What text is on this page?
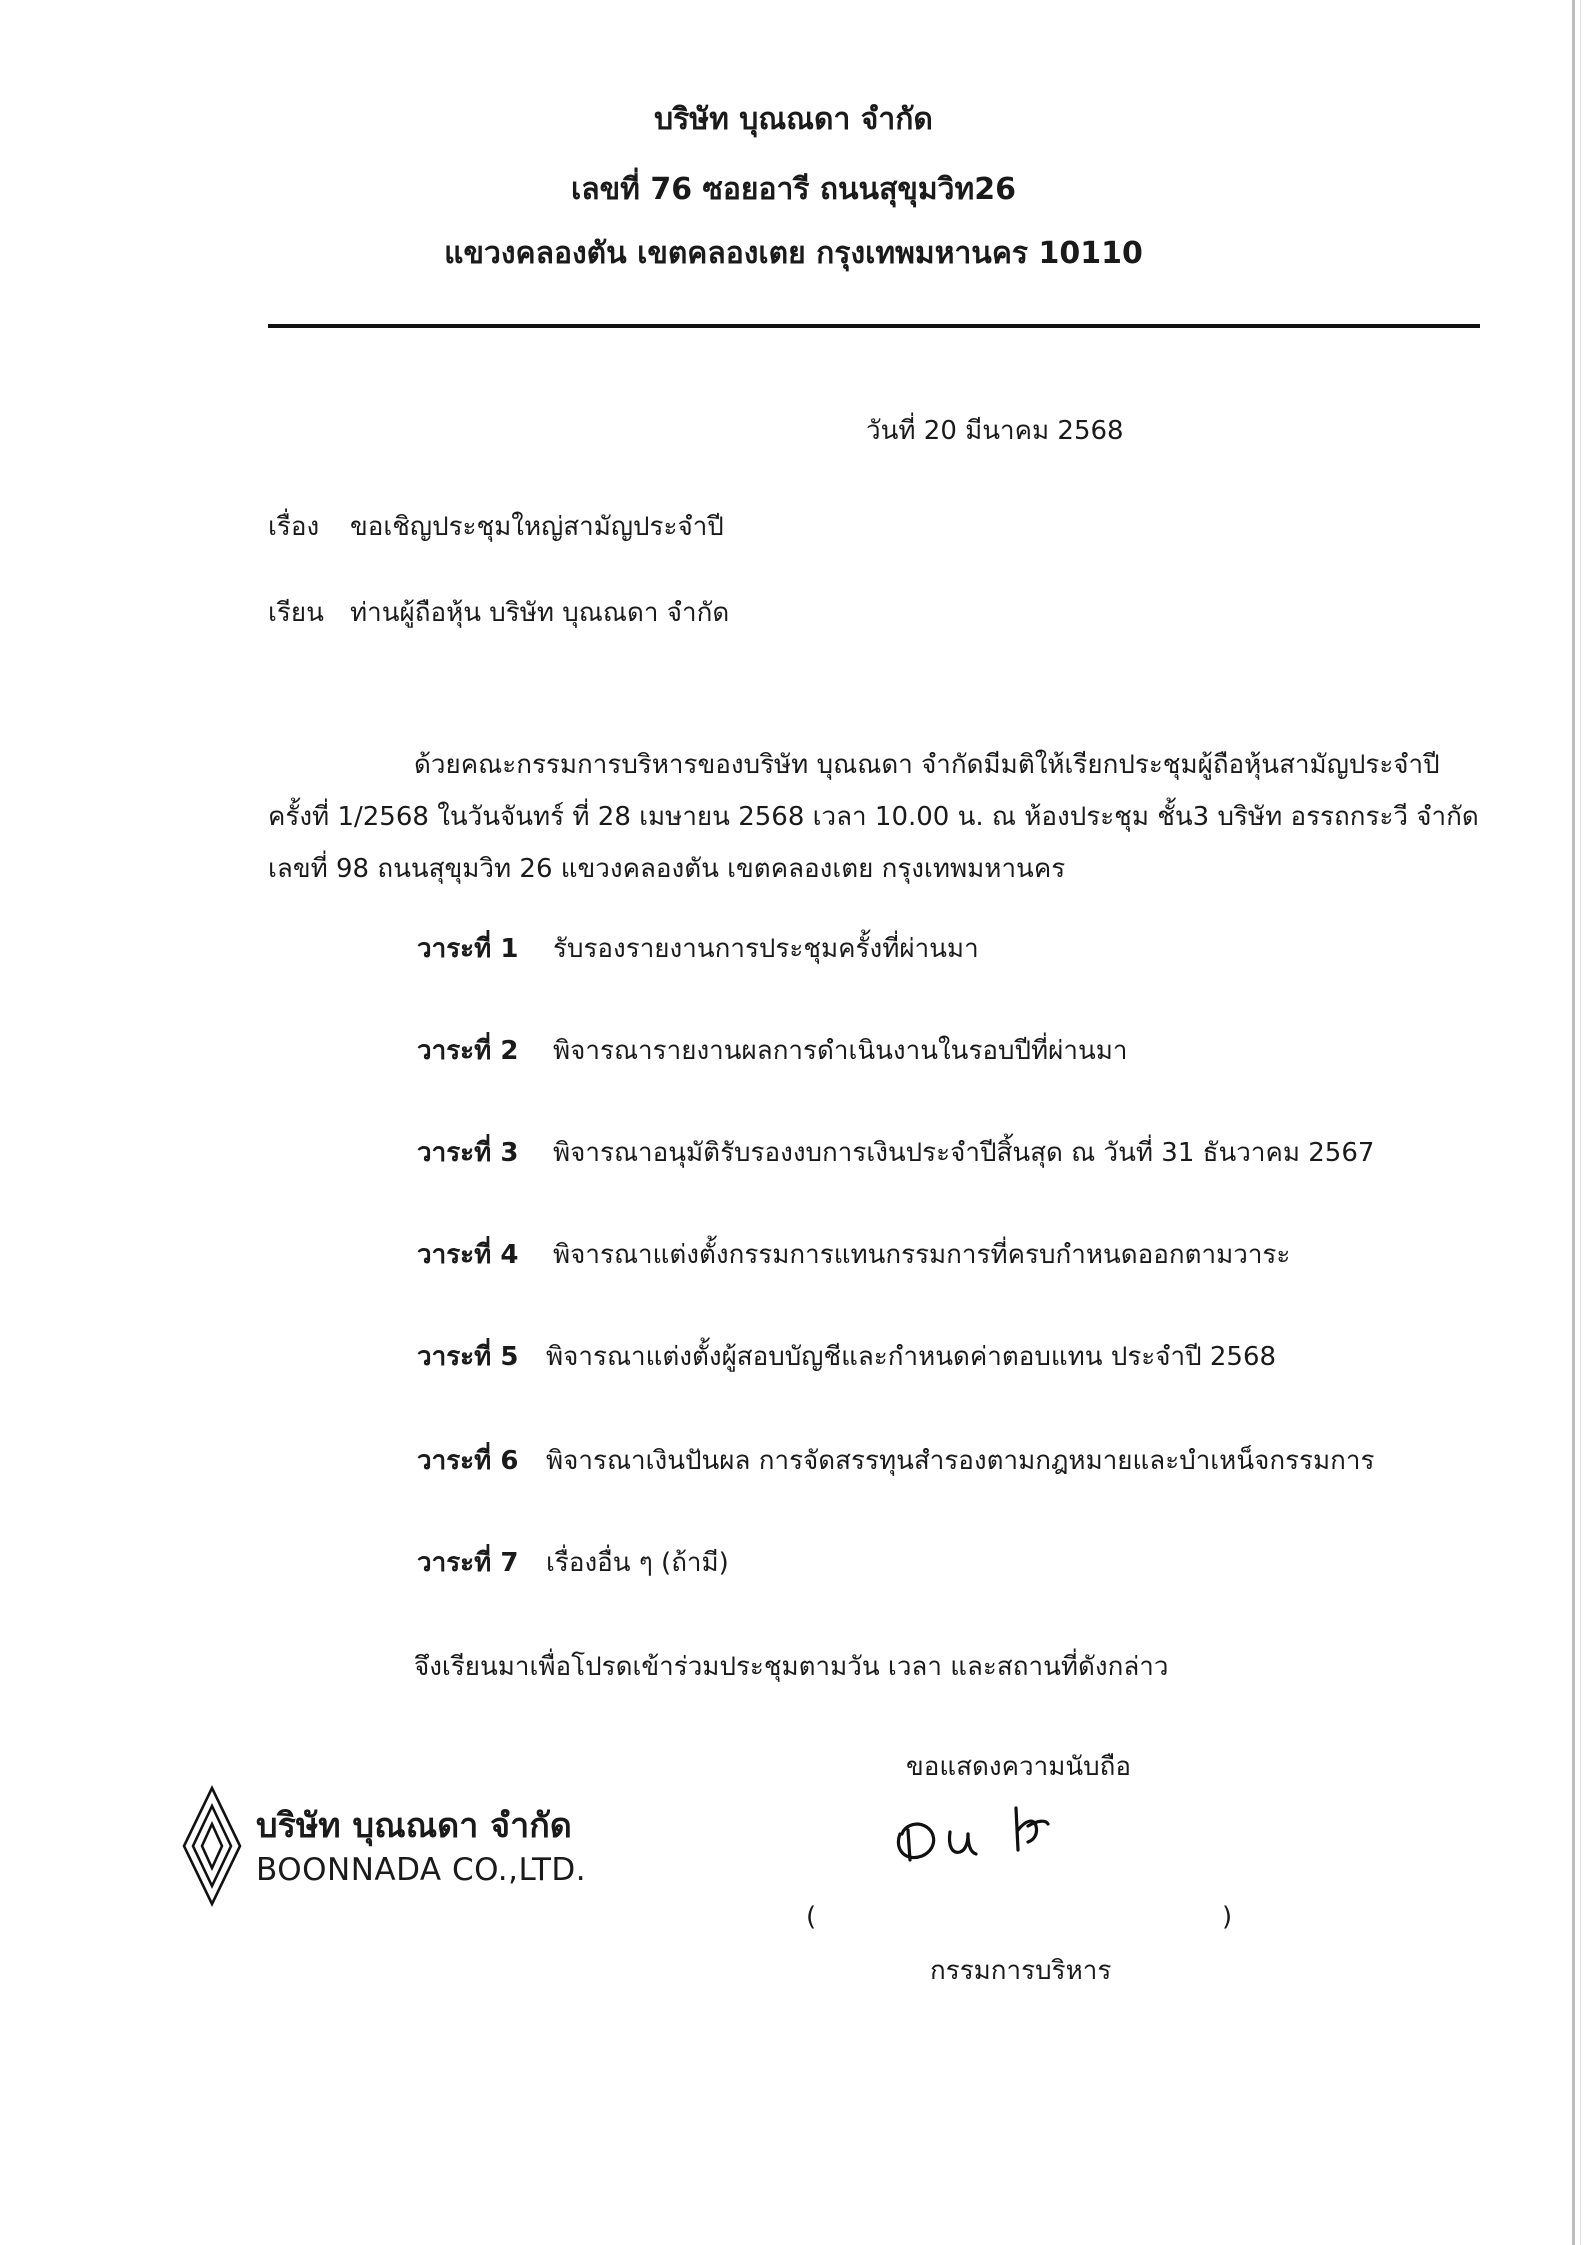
บริษัท บุณณดา จำกัด
เลขที่ 76 ซอยอารี ถนนสุขุมวิท26
แขวงคลองตัน เขตคลองเตย กรุงเทพมหานคร 10110
วันที่ 20 มีนาคม 2568
เรื่อง ขอเชิญประชุมใหญ่สามัญประจำปี
เรียน ท่านผู้ถือหุ้น บริษัท บุณณดา จำกัด
ด้วยคณะกรรมการบริหารของบริษัท บุณณดา จำกัดมีมติให้เรียกประชุมผู้ถือหุ้นสามัญประจำปี
ครั้งที่ 1/2568 ในวันจันทร์ ที่ 28 เมษายน 2568 เวลา 10.00 น. ณ ห้องประชุม ชั้น3 บริษัท อรรถกระวี จำกัด
เลขที่ 98 ถนนสุขุมวิท 26 แขวงคลองตัน เขตคลองเตย กรุงเทพมหานคร
วาระที่ 1 รับรองรายงานการประชุมครั้งที่ผ่านมา
วาระที่ 2 พิจารณารายงานผลการดำเนินงานในรอบปีที่ผ่านมา
วาระที่ 3 พิจารณาอนุมัติรับรองงบการเงินประจำปีสิ้นสุด ณ วันที่ 31 ธันวาคม 2567
วาระที่ 4 พิจารณาแต่งตั้งกรรมการแทนกรรมการที่ครบกำหนดออกตามวาระ
วาระที่ 5 พิจารณาแต่งตั้งผู้สอบบัญชีและกำหนดค่าตอบแทน ประจำปี 2568
วาระที่ 6 พิจารณาเงินปันผล การจัดสรรทุนสำรองตามกฎหมายและบำเหน็จกรรมการ
วาระที่ 7 เรื่องอื่น ๆ (ถ้ามี)
จึงเรียนมาเพื่อโปรดเข้าร่วมประชุมตามวัน เวลา และสถานที่ดังกล่าว
ขอแสดงความนับถือ
(	)
กรรมการบริหาร
บริษัท บุณณดา จำกัด
BOONNADA CO.,LTD.
